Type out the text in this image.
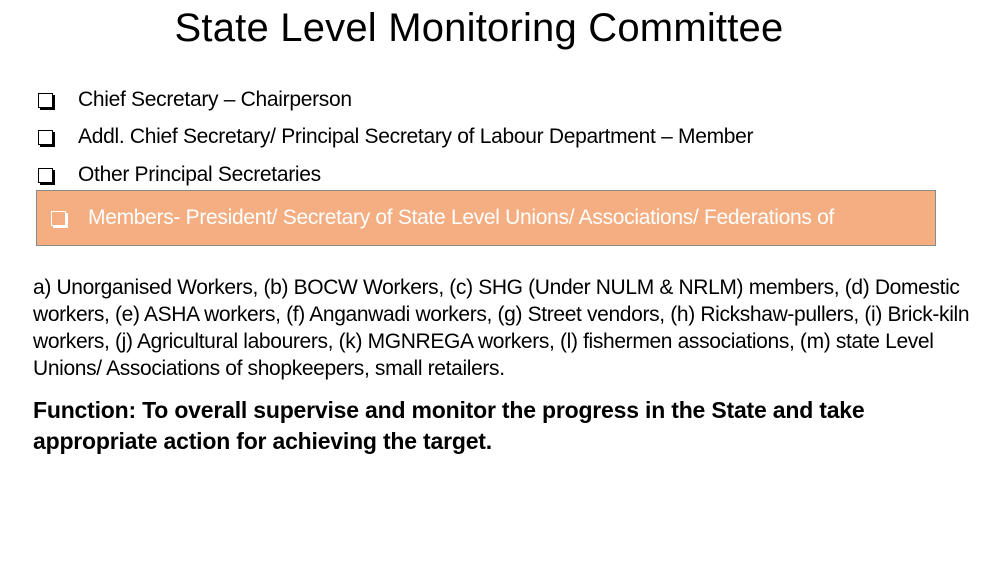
State Level Monitoring Committee
Chief Secretary – Chairperson
Addl. Chief Secretary/ Principal Secretary of Labour Department – Member
Other Principal Secretaries
Members- President/ Secretary of State Level Unions/ Associations/ Federations of
a) Unorganised Workers, (b) BOCW Workers, (c) SHG (Under NULM & NRLM) members, (d) Domestic workers, (e) ASHA workers, (f) Anganwadi workers, (g) Street vendors, (h) Rickshaw-pullers, (i) Brick-kiln workers, (j) Agricultural labourers, (k) MGNREGA workers, (l) fishermen associations, (m) state Level Unions/ Associations of shopkeepers, small retailers.
Function: To overall supervise and monitor the progress in the State and take appropriate action for achieving the target.
